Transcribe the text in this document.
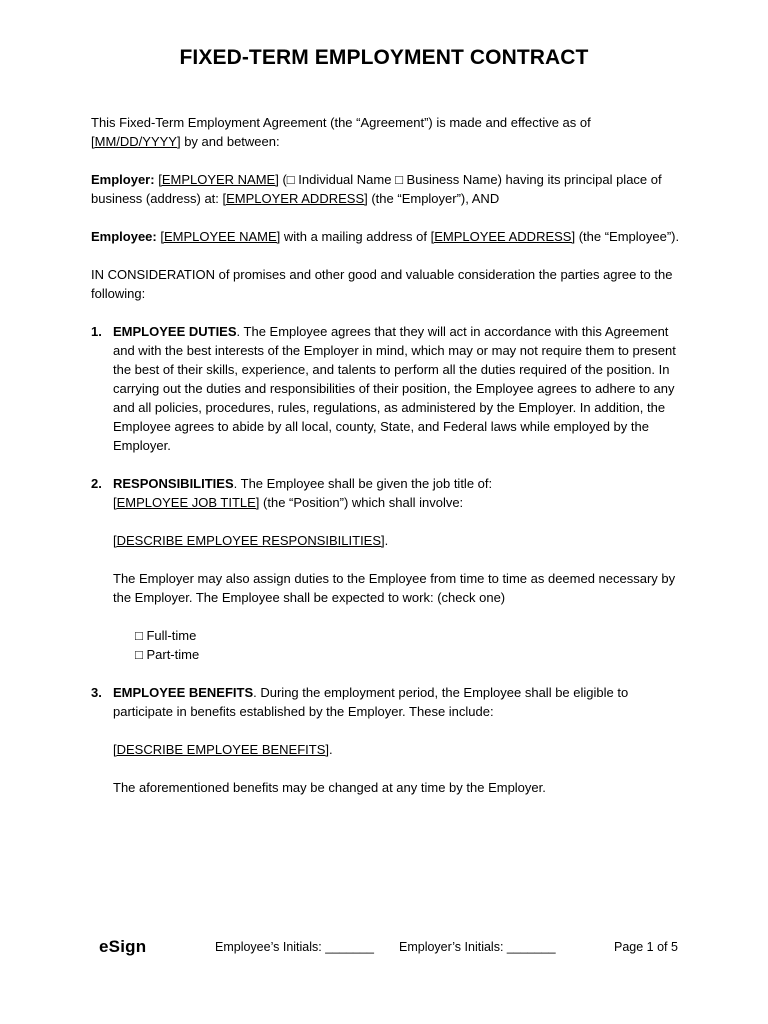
FIXED-TERM EMPLOYMENT CONTRACT

This Fixed-Term Employment Agreement (the “Agreement”) is made and effective as of
[MM/DD/YYYY] by and between:

Employer: [EMPLOYER NAME] (□ Individual Name □ Business Name) having its principal place of business (address) at: [EMPLOYER ADDRESS] (the “Employer”), AND

Employee: [EMPLOYEE NAME] with a mailing address of [EMPLOYEE ADDRESS] (the “Employee”).

IN CONSIDERATION of promises and other good and valuable consideration the parties agree to the following:

1. EMPLOYEE DUTIES. The Employee agrees that they will act in accordance with this Agreement and with the best interests of the Employer in mind, which may or may not require them to present the best of their skills, experience, and talents to perform all the duties required of the position. In carrying out the duties and responsibilities of their position, the Employee agrees to adhere to any and all policies, procedures, rules, regulations, as administered by the Employer. In addition, the Employee agrees to abide by all local, county, State, and Federal laws while employed by the Employer.
2. RESPONSIBILITIES. The Employee shall be given the job title of:
[EMPLOYEE JOB TITLE] (the “Position”) which shall involve:

[DESCRIBE EMPLOYEE RESPONSIBILITIES].

The Employer may also assign duties to the Employee from time to time as deemed necessary by the Employer. The Employee shall be expected to work: (check one)

□ Full-time
□ Part-time
3. EMPLOYEE BENEFITS. During the employment period, the Employee shall be eligible to participate in benefits established by the Employer. These include:

[DESCRIBE EMPLOYEE BENEFITS].

The aforementioned benefits may be changed at any time by the Employer.

eSign	Employee’s Initials: _______ Employer’s Initials: _______	Page 1 of 5
